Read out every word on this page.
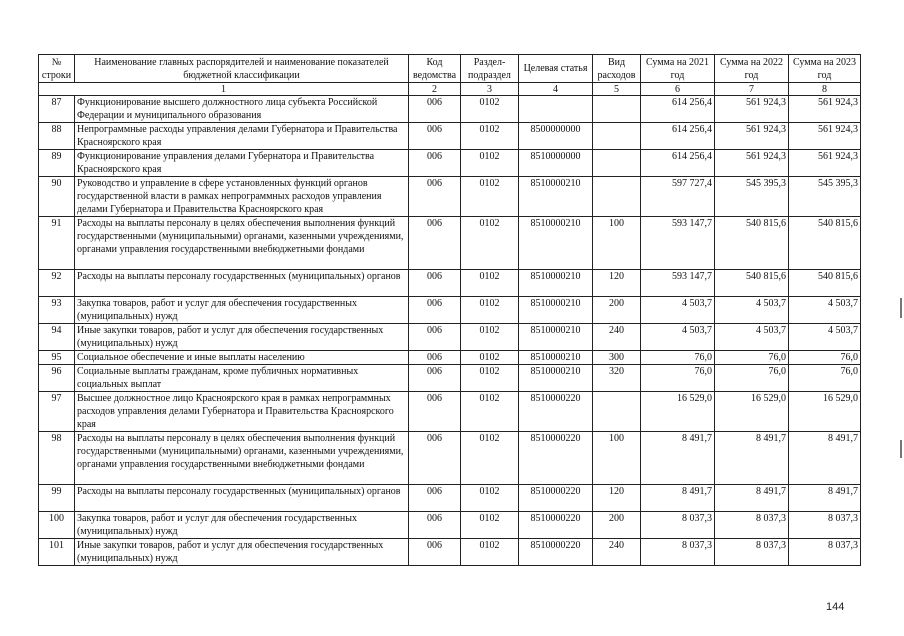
№ строки	Наименование главных распорядителей и наименование показателей бюджетной классификации	Код ведомства	Раздел-подраздел	Целевая статья	Вид расходов	Сумма на 2021 год	Сумма на 2022 год	Сумма на 2023 год
1		2	3	4	5	6	7	8
87	Функционирование высшего должностного лица субъекта Российской Федерации и муниципального образования	006	0102			614 256,4	561 924,3	561 924,3
88	Непрограммные расходы управления делами Губернатора и Правительства Красноярского края	006	0102	8500000000		614 256,4	561 924,3	561 924,3
89	Функционирование управления делами Губернатора и Правительства Красноярского края	006	0102	8510000000		614 256,4	561 924,3	561 924,3
90	Руководство и управление в сфере установленных функций органов государственной власти в рамках непрограммных расходов управления делами Губернатора и Правительства Красноярского края	006	0102	8510000210		597 727,4	545 395,3	545 395,3
91	Расходы на выплаты персоналу в целях обеспечения выполнения функций государственными (муниципальными) органами, казенными учреждениями, органами управления государственными внебюджетными фондами	006	0102	8510000210	100	593 147,7	540 815,6	540 815,6
92	Расходы на выплаты персоналу государственных (муниципальных) органов	006	0102	8510000210	120	593 147,7	540 815,6	540 815,6
93	Закупка товаров, работ и услуг для обеспечения государственных (муниципальных) нужд	006	0102	8510000210	200	4 503,7	4 503,7	4 503,7
94	Иные закупки товаров, работ и услуг для обеспечения государственных (муниципальных) нужд	006	0102	8510000210	240	4 503,7	4 503,7	4 503,7
95	Социальное обеспечение и иные выплаты населению	006	0102	8510000210	300	76,0	76,0	76,0
96	Социальные выплаты гражданам, кроме публичных нормативных социальных выплат	006	0102	8510000210	320	76,0	76,0	76,0
97	Высшее должностное лицо Красноярского края в рамках непрограммных расходов управления делами Губернатора и Правительства Красноярского края	006	0102	8510000220		16 529,0	16 529,0	16 529,0
98	Расходы на выплаты персоналу в целях обеспечения выполнения функций государственными (муниципальными) органами, казенными учреждениями, органами управления государственными внебюджетными фондами	006	0102	8510000220	100	8 491,7	8 491,7	8 491,7
99	Расходы на выплаты персоналу государственных (муниципальных) органов	006	0102	8510000220	120	8 491,7	8 491,7	8 491,7
100	Закупка товаров, работ и услуг для обеспечения государственных (муниципальных) нужд	006	0102	8510000220	200	8 037,3	8 037,3	8 037,3
101	Иные закупки товаров, работ и услуг для обеспечения государственных (муниципальных) нужд	006	0102	8510000220	240	8 037,3	8 037,3	8 037,3
144
